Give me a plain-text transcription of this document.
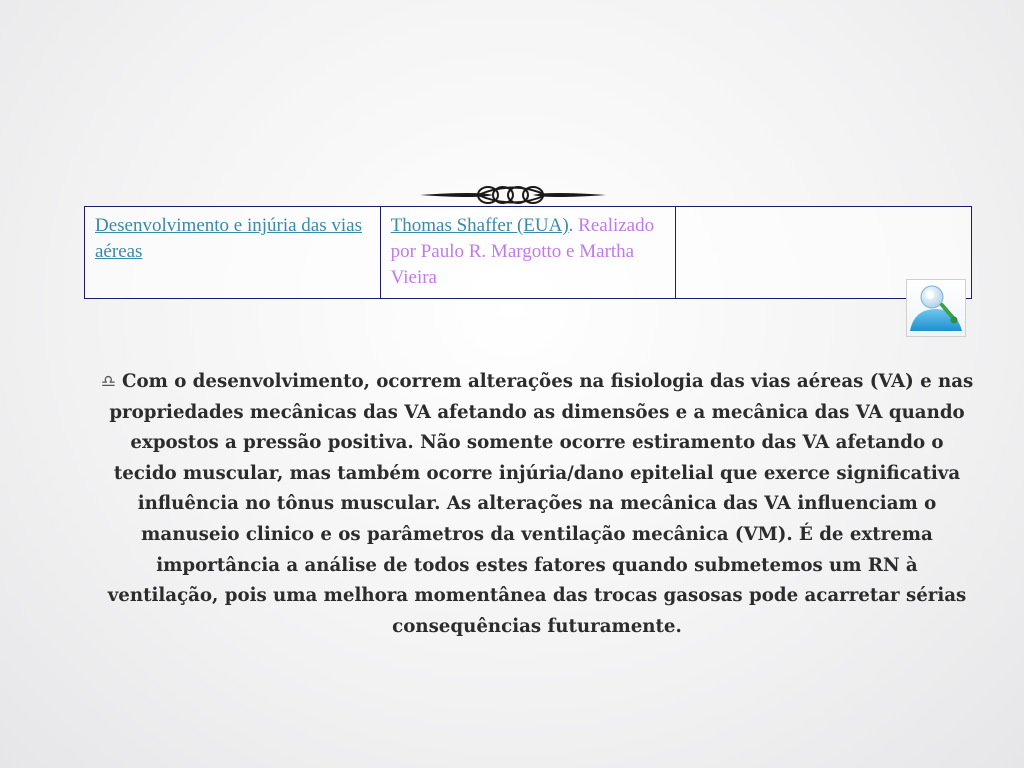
Desenvolvimento e injúria das vias aéreas	Thomas Shaffer (EUA). Realizado por Paulo R. Margotto e Martha Vieira	

♎ Com o desenvolvimento, ocorrem alterações na fisiologia das vias aéreas (VA) e nas propriedades mecânicas das VA afetando as dimensões e a mecânica das VA quando expostos a pressão positiva. Não somente ocorre estiramento das VA afetando o tecido muscular, mas também ocorre injúria/dano epitelial que exerce significativa influência no tônus muscular. As alterações na mecânica das VA influenciam o manuseio clinico e os parâmetros da ventilação mecânica (VM). É de extrema importância a análise de todos estes fatores quando submetemos um RN à ventilação, pois uma melhora momentânea das trocas gasosas pode acarretar sérias consequências futuramente.
